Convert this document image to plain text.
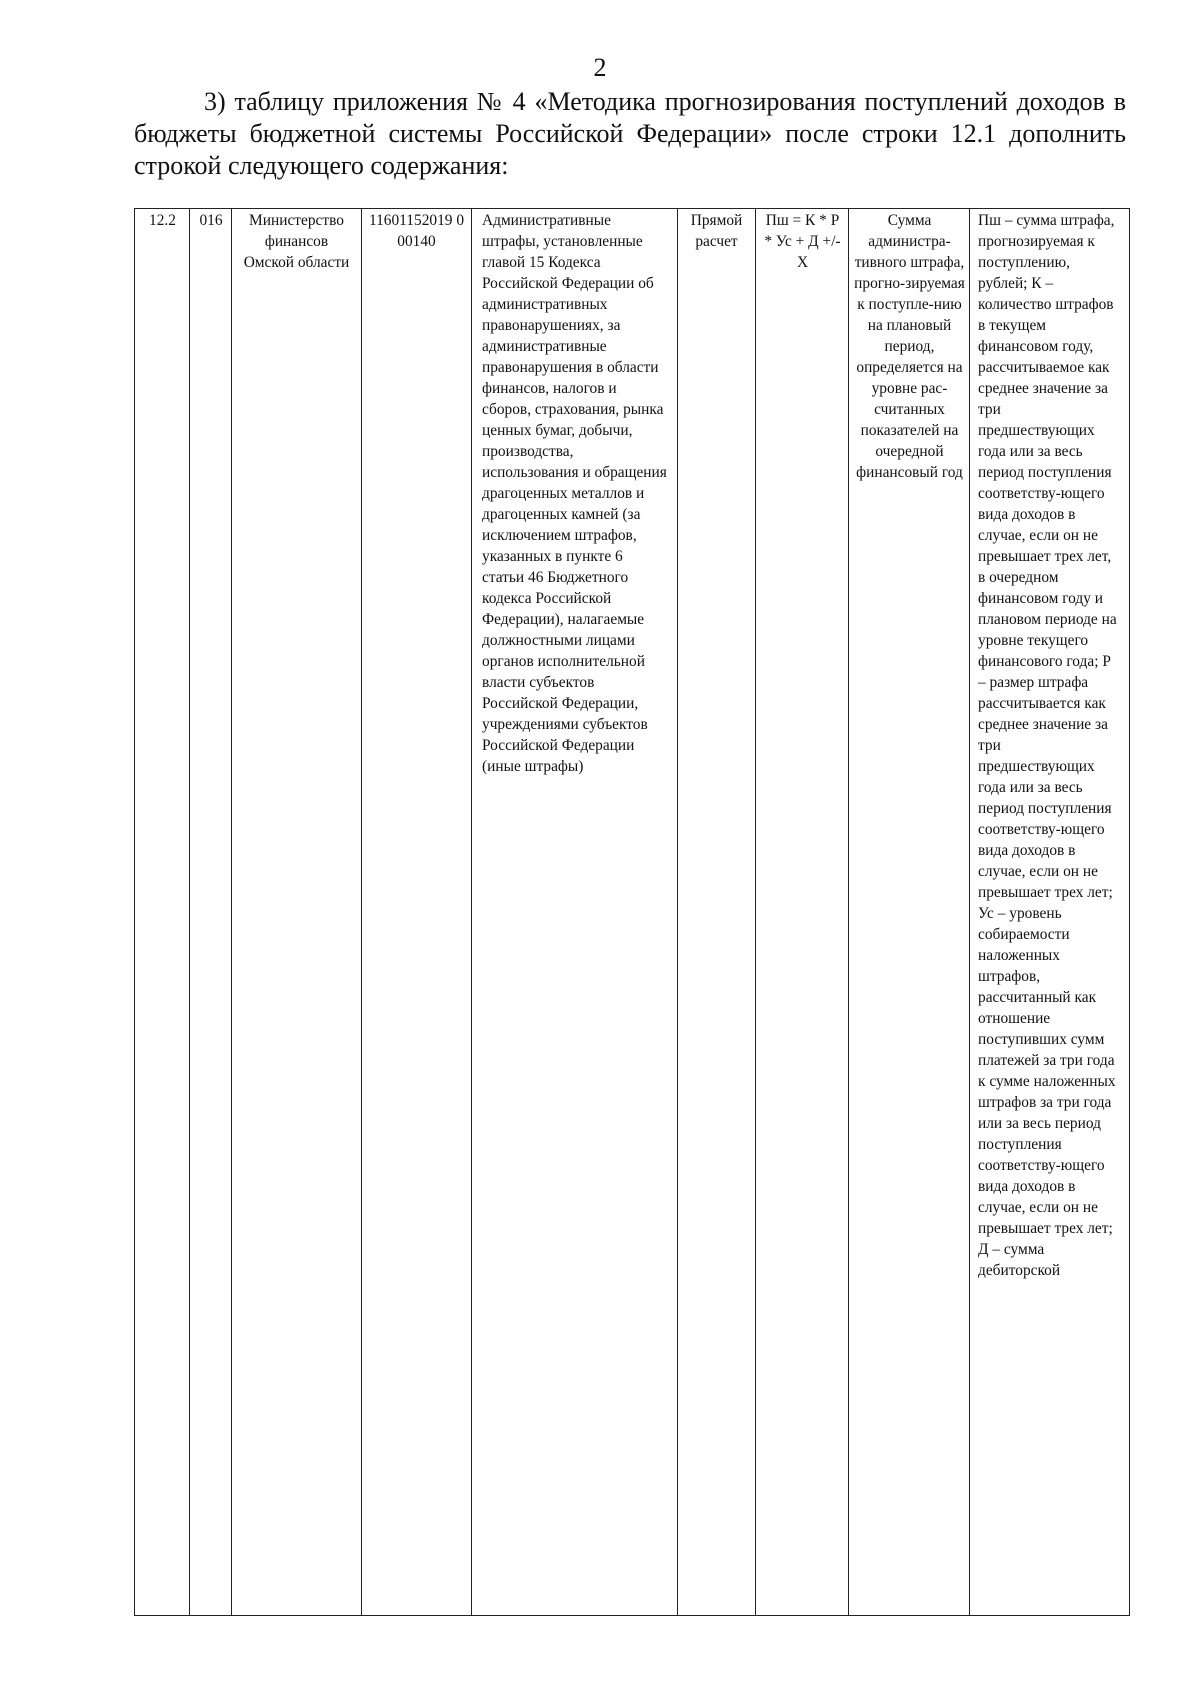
2
3) таблицу приложения № 4 «Методика прогнозирования поступлений доходов в бюджеты бюджетной системы Российской Федерации» после строки 12.1 дополнить строкой следующего содержания:
12.2	016	Министерство финансов Омской области	11601152019 000140	Административные штрафы, установленные главой 15 Кодекса Российской Федерации об административных правонарушениях, за административные правонарушения в области финансов, налогов и сборов, страхования, рынка ценных бумаг, добычи, производства, использования и обращения драгоценных металлов и драгоценных камней (за исключением штрафов, указанных в пункте 6 статьи 46 Бюджетного кодекса Российской Федерации), налагаемые должностными лицами органов исполнительной власти субъектов Российской Федерации, учреждениями субъектов Российской Федерации (иные штрафы)	Прямой расчет	Пш = К * Р * Ус + Д +/- Х	Сумма администра-тивного штрафа, прогно-зируемая к поступле-нию на плановый период, определяется на уровне рас-считанных показателей на очередной финансовый год	Пш – сумма штрафа, прогнозируемая к поступлению, рублей; К – количество штрафов в текущем финансовом году, рассчитываемое как среднее значение за три предшествующих года или за весь период поступления соответству-ющего вида доходов в случае, если он не превышает трех лет, в очередном финансовом году и плановом периоде на уровне текущего финансового года; Р – размер штрафа рассчитывается как среднее значение за три предшествующих года или за весь период поступления соответству-ющего вида доходов в случае, если он не превышает трех лет; Ус – уровень собираемости наложенных штрафов, рассчитанный как отношение поступивших сумм платежей за три года к сумме наложенных штрафов за три года или за весь период поступления соответству-ющего вида доходов в случае, если он не превышает трех лет; Д – сумма дебиторской
